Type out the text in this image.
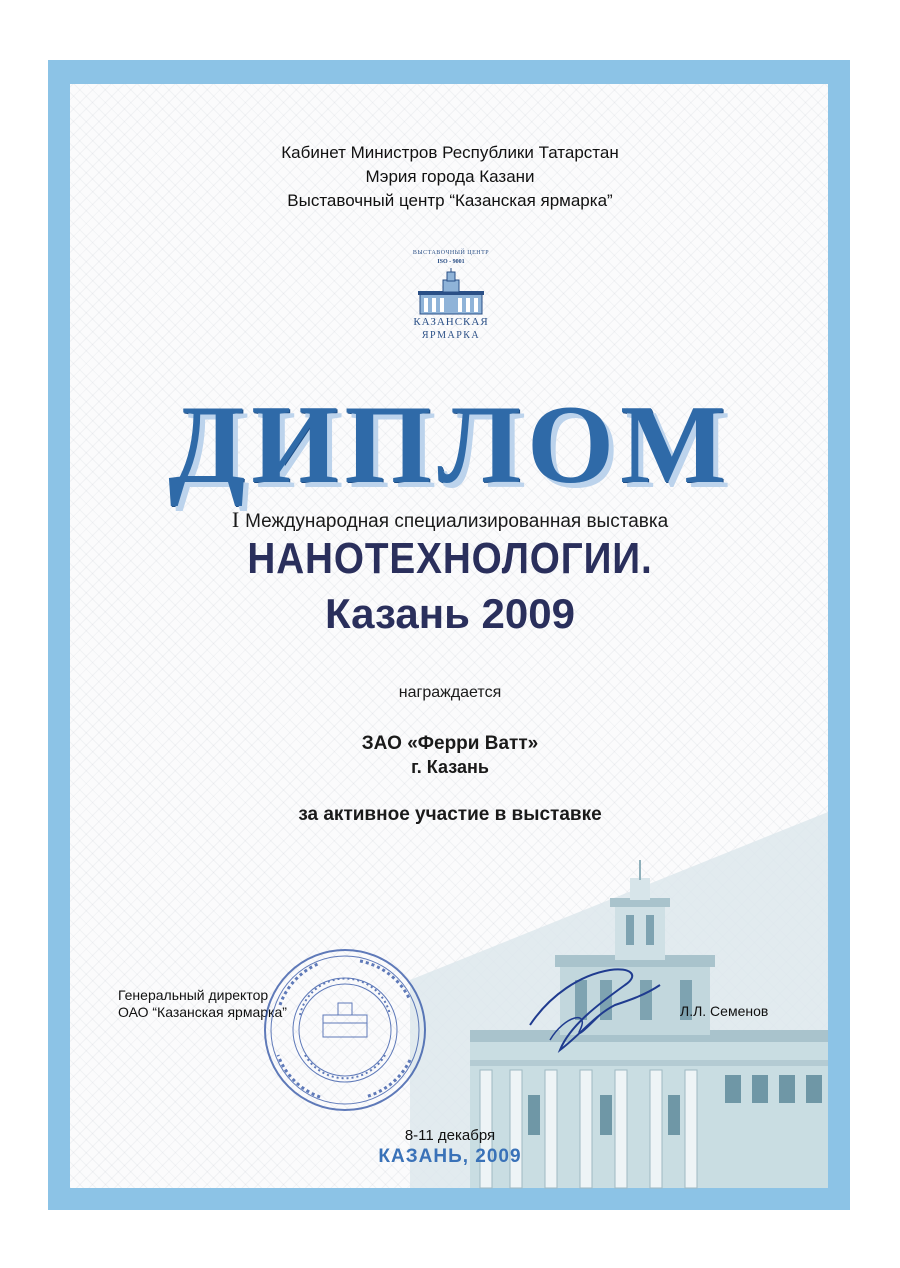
Кабинет Министров Республики Татарстан
Мэрия города Казани
Выставочный центр “Казанская ярмарка”
ВЫСТАВОЧНЫЙ ЦЕНТР
ISO - 9001
КАЗАНСКАЯ
ЯРМАРКА
ДИПЛОМ
I Международная специализированная выставка
НАНОТЕХНОЛОГИИ.
Казань 2009
награждается
ЗАО «Ферри Ватт»
г. Казань
за активное участие в выставке
Генеральный директор
ОАО “Казанская ярмарка”	Л.Л. Семенов
8-11 декабря
КАЗАНЬ, 2009
